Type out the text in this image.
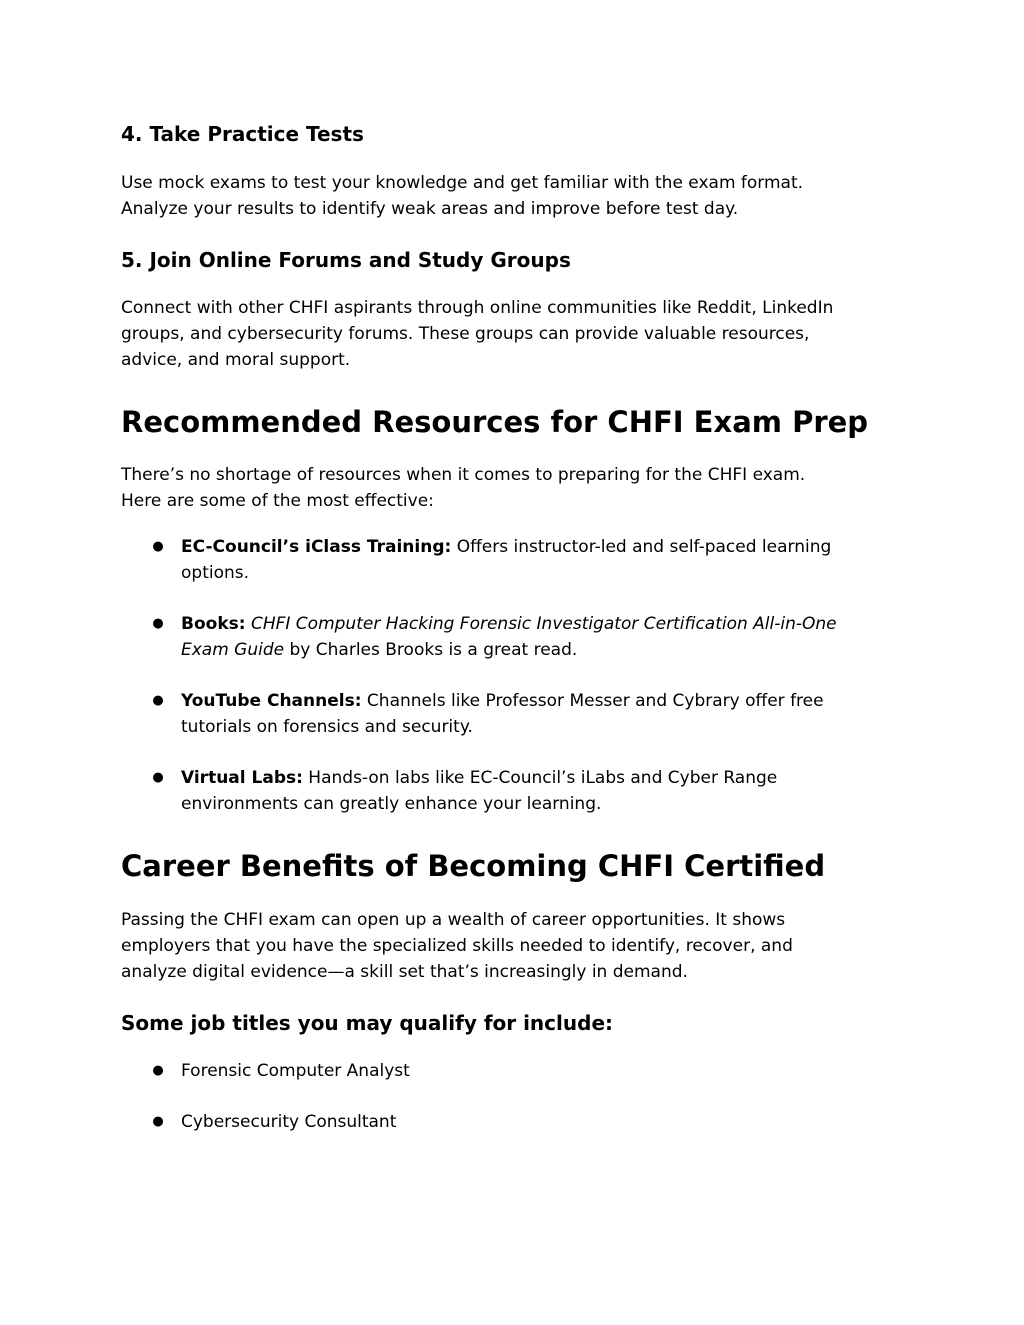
4. Take Practice Tests
Use mock exams to test your knowledge and get familiar with the exam format.
Analyze your results to identify weak areas and improve before test day.
5. Join Online Forums and Study Groups
Connect with other CHFI aspirants through online communities like Reddit, LinkedIn
groups, and cybersecurity forums. These groups can provide valuable resources,
advice, and moral support.
Recommended Resources for CHFI Exam Prep
There’s no shortage of resources when it comes to preparing for the CHFI exam.
Here are some of the most effective:
● EC-Council’s iClass Training: Offers instructor-led and self-paced learning
options.
● Books: CHFI Computer Hacking Forensic Investigator Certification All-in-One
Exam Guide by Charles Brooks is a great read.
● YouTube Channels: Channels like Professor Messer and Cybrary offer free
tutorials on forensics and security.
● Virtual Labs: Hands-on labs like EC-Council’s iLabs and Cyber Range
environments can greatly enhance your learning.
Career Benefits of Becoming CHFI Certified
Passing the CHFI exam can open up a wealth of career opportunities. It shows
employers that you have the specialized skills needed to identify, recover, and
analyze digital evidence—a skill set that’s increasingly in demand.
Some job titles you may qualify for include:
● Forensic Computer Analyst
● Cybersecurity Consultant
